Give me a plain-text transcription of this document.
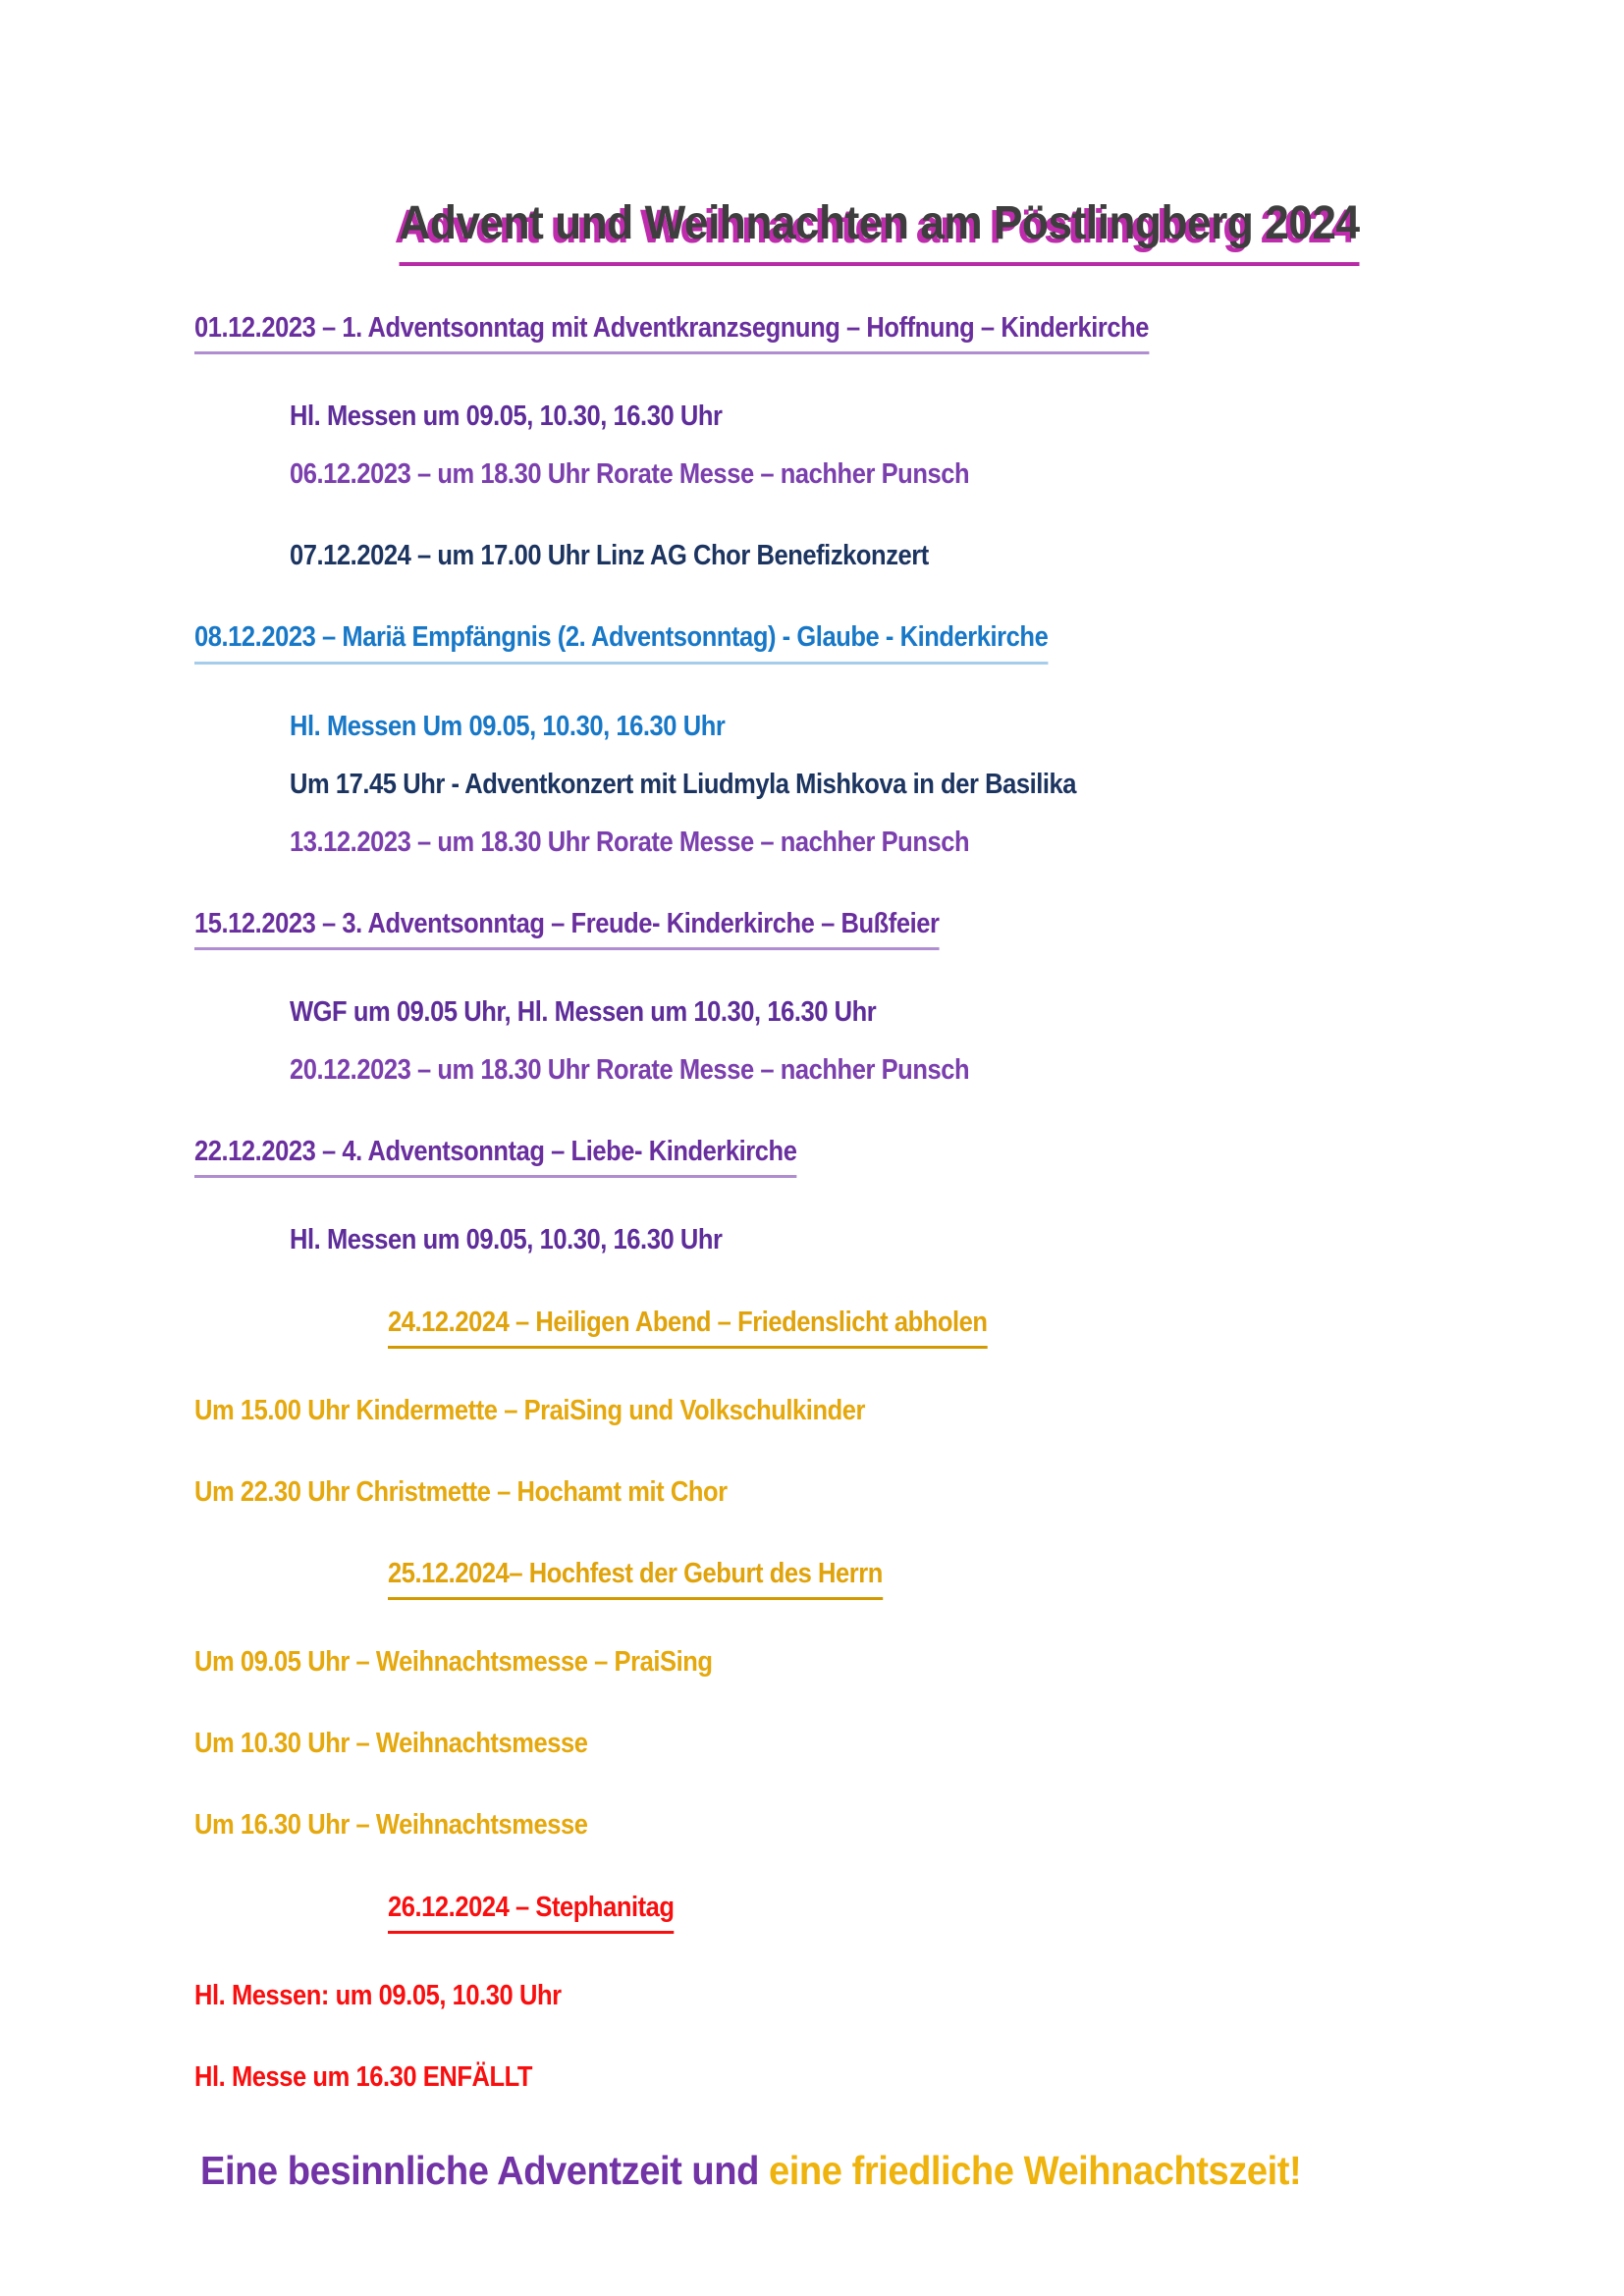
Advent und Weihnachten am Pöstlingberg 2024
01.12.2023 – 1. Adventsonntag mit Adventkranzsegnung – Hoffnung – Kinderkirche
Hl. Messen um 09.05, 10.30, 16.30 Uhr
06.12.2023 – um 18.30 Uhr Rorate Messe – nachher Punsch
07.12.2024 – um 17.00 Uhr Linz AG Chor Benefizkonzert
08.12.2023 – Mariä Empfängnis (2. Adventsonntag) - Glaube - Kinderkirche
Hl. Messen Um 09.05, 10.30, 16.30 Uhr
Um 17.45 Uhr - Adventkonzert mit Liudmyla Mishkova in der Basilika
13.12.2023 – um 18.30 Uhr Rorate Messe – nachher Punsch
15.12.2023 – 3. Adventsonntag – Freude- Kinderkirche – Bußfeier
WGF um 09.05 Uhr, Hl. Messen um 10.30, 16.30 Uhr
20.12.2023 – um 18.30 Uhr Rorate Messe – nachher Punsch
22.12.2023 – 4. Adventsonntag – Liebe- Kinderkirche
Hl. Messen um 09.05, 10.30, 16.30 Uhr
24.12.2024 – Heiligen Abend – Friedenslicht abholen
Um 15.00 Uhr Kindermette – PraiSing und Volkschulkinder
Um 22.30 Uhr Christmette – Hochamt mit Chor
25.12.2024– Hochfest der Geburt des Herrn
Um 09.05 Uhr – Weihnachtsmesse – PraiSing
Um 10.30 Uhr – Weihnachtsmesse
Um 16.30 Uhr – Weihnachtsmesse
26.12.2024 – Stephanitag
Hl. Messen: um 09.05, 10.30 Uhr
Hl. Messe um 16.30 ENFÄLLT
Eine besinnliche Adventzeit und eine friedliche Weihnachtszeit!
